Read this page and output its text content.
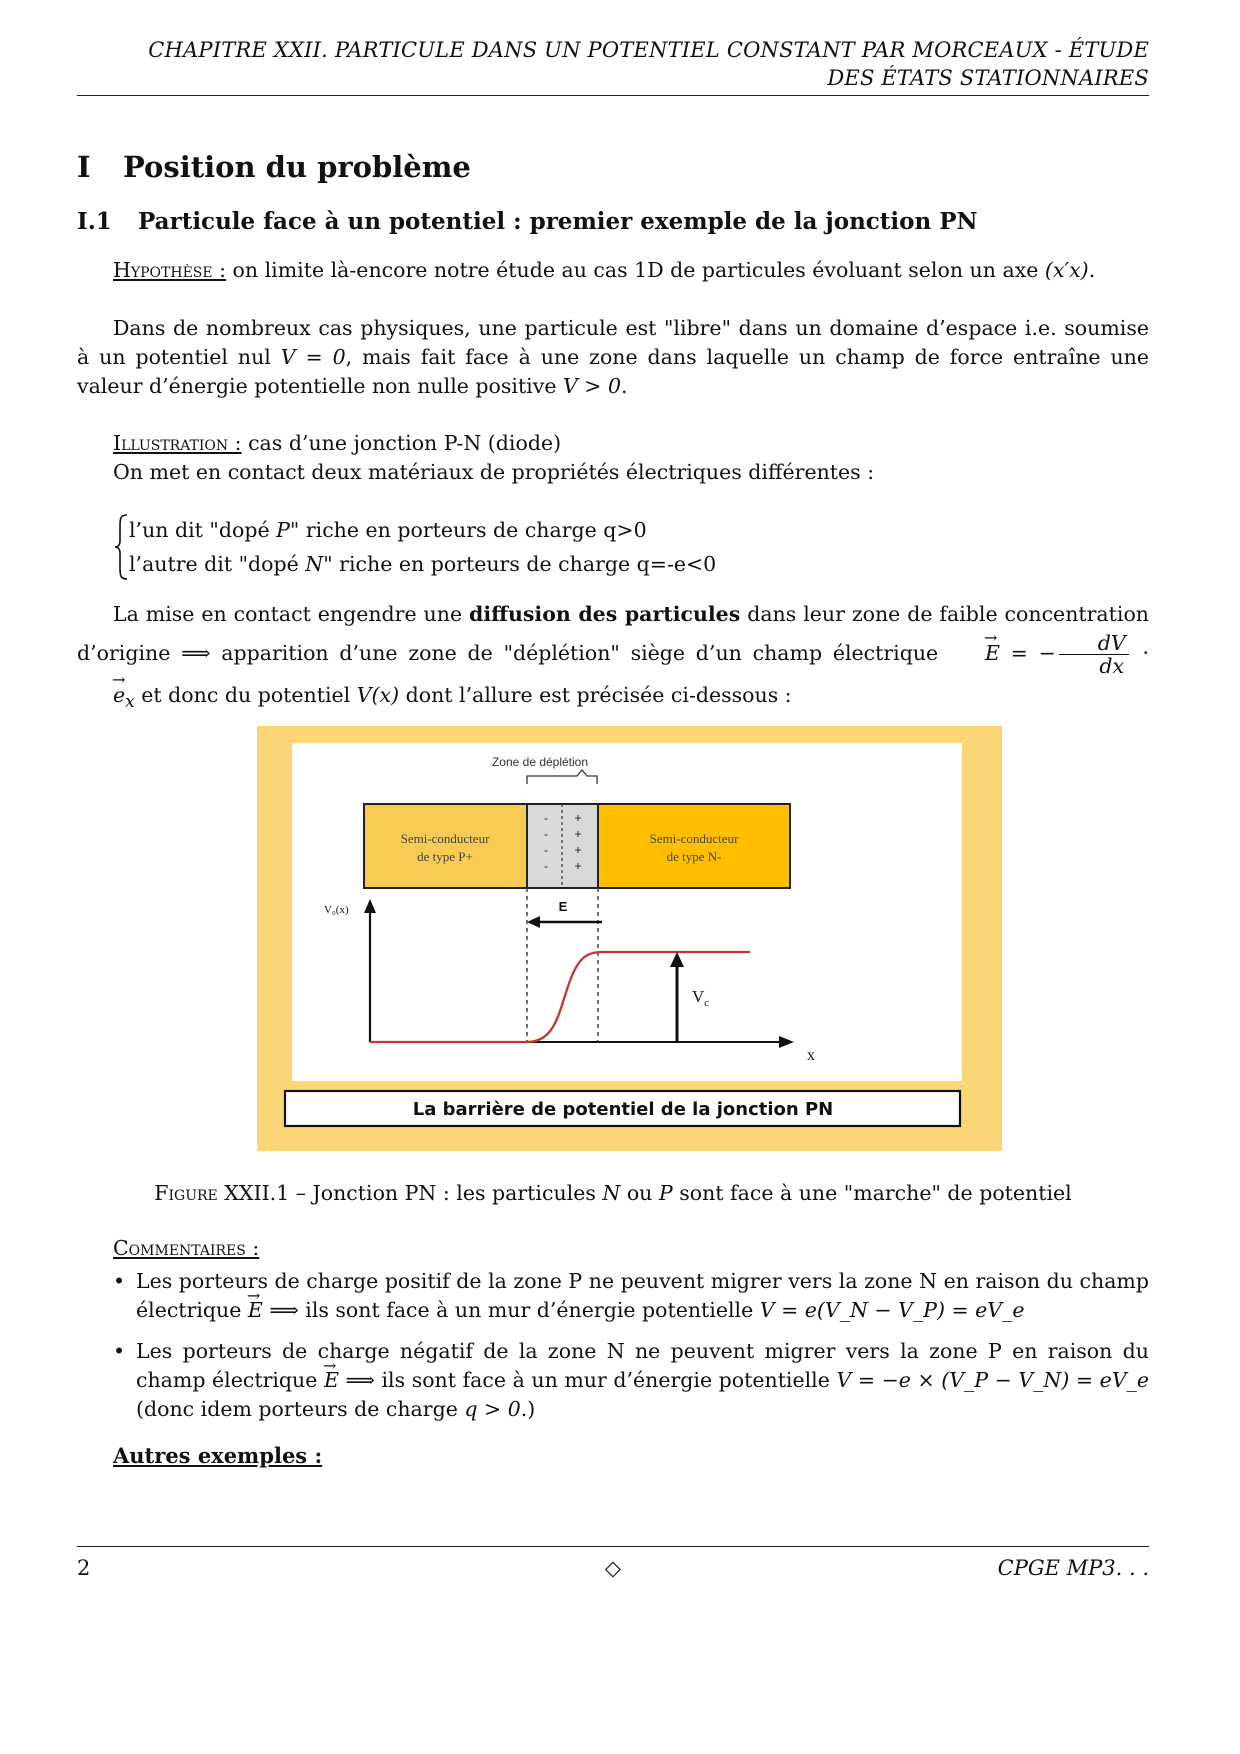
CHAPITRE XXII. PARTICULE DANS UN POTENTIEL CONSTANT PAR MORCEAUX - ÉTUDE
DES ÉTATS STATIONNAIRES
I Position du problème
I.1 Particule face à un potentiel : premier exemple de la jonction PN
Hypothèse : on limite là-encore notre étude au cas 1D de particules évoluant selon un axe (x′x).
Dans de nombreux cas physiques, une particule est "libre" dans un domaine d’espace i.e. soumise à un potentiel nul V = 0, mais fait face à une zone dans laquelle un champ de force entraîne une valeur d’énergie potentielle non nulle positive V > 0.
Illustration : cas d’une jonction P-N (diode)
On met en contact deux matériaux de propriétés électriques différentes :
l’un dit "dopé P" riche en porteurs de charge q>0
l’autre dit "dopé N" riche en porteurs de charge q=-e<0
La mise en contact engendre une diffusion des particules dans leur zone de faible concentration d’origine ⟹ apparition d’une zone de "déplétion" siège d’un champ électrique → E = − $\frac{dV}{dx}$ · → $e_x$ et donc du potentiel V(x) dont l’allure est précisée ci-dessous :
Zone de déplétion
Semi-conducteur
de type P+
Semi-conducteur
de type N-
-
-
-
-
+
+
+
+
E
V₀(x)
x
$V_c$
La barrière de potentiel de la jonction PN
Figure XXII.1 – Jonction PN : les particules N ou P sont face à une "marche" de potentiel
Commentaires :
• Les porteurs de charge positif de la zone P ne peuvent migrer vers la zone N en raison du champ électrique → E ⟹ ils sont face à un mur d’énergie potentielle V = e(V_N − V_P) = eV_e
• Les porteurs de charge négatif de la zone N ne peuvent migrer vers la zone P en raison du champ électrique → E ⟹ ils sont face à un mur d’énergie potentielle V = −e × (V_P − V_N) = eV_e (donc idem porteurs de charge q > 0.)
Autres exemples :
2	◇	CPGE MP3. . .
